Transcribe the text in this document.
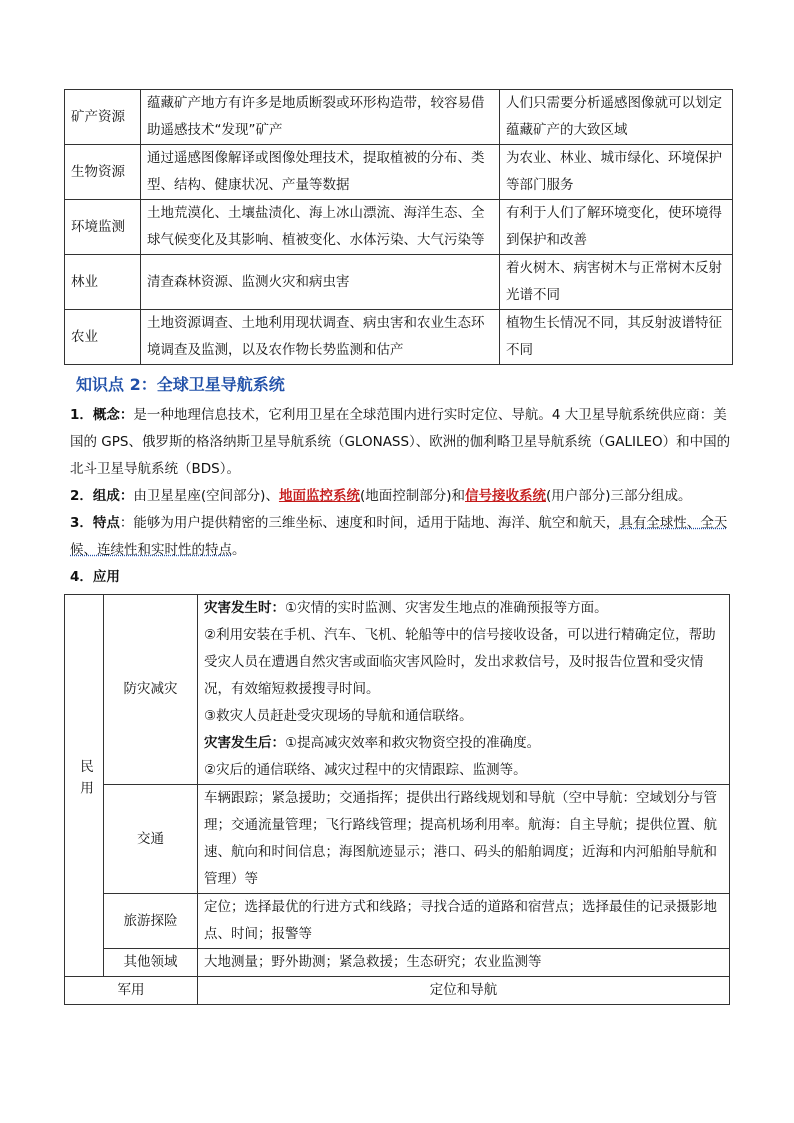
矿产资源	蕴藏矿产地方有许多是地质断裂或环形构造带，较容易借助遥感技术“发现”矿产	人们只需要分析遥感图像就可以划定蕴藏矿产的大致区域
生物资源	通过遥感图像解译或图像处理技术，提取植被的分布、类型、结构、健康状况、产量等数据	为农业、林业、城市绿化、环境保护等部门服务
环境监测	土地荒漠化、土壤盐渍化、海上冰山漂流、海洋生态、全球气候变化及其影响、植被变化、水体污染、大气污染等	有利于人们了解环境变化，使环境得到保护和改善
林业	清查森林资源、监测火灾和病虫害	着火树木、病害树木与正常树木反射光谱不同
农业	土地资源调查、土地利用现状调查、病虫害和农业生态环境调查及监测，以及农作物长势监测和估产	植物生长情况不同，其反射波谱特征不同
知识点 2：全球卫星导航系统
1．概念：是一种地理信息技术，它利用卫星在全球范围内进行实时定位、导航。4 大卫星导航系统供应商：美国的 GPS、俄罗斯的格洛纳斯卫星导航系统（GLONASS）、欧洲的伽利略卫星导航系统（GALILEO）和中国的北斗卫星导航系统（BDS）。
2．组成：由卫星星座(空间部分)、地面监控系统(地面控制部分)和信号接收系统(用户部分)三部分组成。
3．特点：能够为用户提供精密的三维坐标、速度和时间，适用于陆地、海洋、航空和航天，具有全球性、全天候、连续性和实时性的特点。
4．应用
民用	防灾减灾	灾害发生时：①灾情的实时监测、灾害发生地点的准确预报等方面。
②利用安装在手机、汽车、飞机、轮船等中的信号接收设备，可以进行精确定位，帮助受灾人员在遭遇自然灾害或面临灾害风险时，发出求救信号，及时报告位置和受灾情况，有效缩短救援搜寻时间。
③救灾人员赶赴受灾现场的导航和通信联络。
灾害发生后：①提高减灾效率和救灾物资空投的准确度。
②灾后的通信联络、减灾过程中的灾情跟踪、监测等。

	交通	车辆跟踪；紧急援助；交通指挥；提供出行路线规划和导航（空中导航：空域划分与管理；交通流量管理；飞行路线管理；提高机场利用率。航海：自主导航；提供位置、航速、航向和时间信息；海图航迹显示；港口、码头的船舶调度；近海和内河船舶导航和管理）等
	旅游探险	定位；选择最优的行进方式和线路；寻找合适的道路和宿营点；选择最佳的记录摄影地点、时间；报警等
	其他领域	大地测量；野外勘测；紧急救援；生态研究；农业监测等
军用		定位和导航
